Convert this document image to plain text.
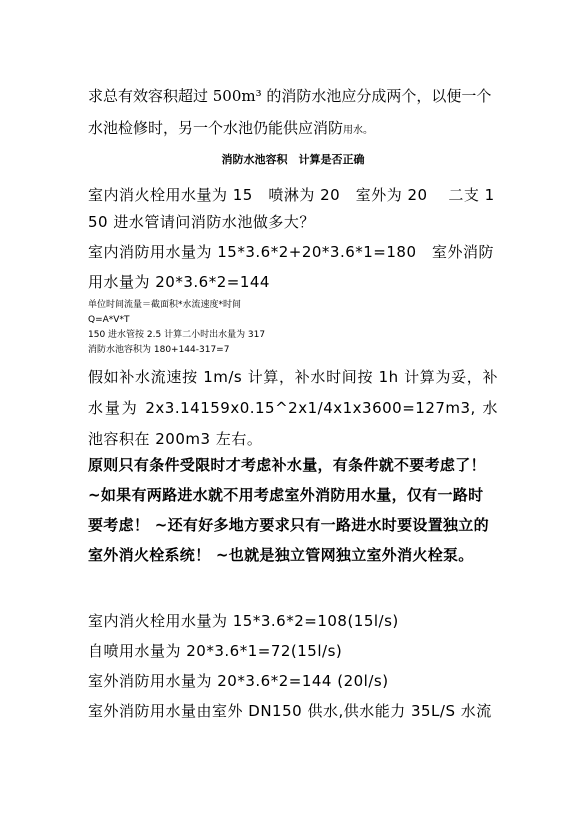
求总有效容积超过 500m³ 的消防水池应分成两个，以便一个水池检修时，另一个水池仍能供应消防用水。

消防水池容积　计算是否正确

室内消火栓用水量为 15　喷淋为 20　室外为 20　 二支 150 进水管请问消防水池做多大？

室内消防用水量为 15*3.6*2+20*3.6*1=180　室外消防用水量为 20*3.6*2=144

单位时间流量＝截面积*水流速度*时间
Q=A*V*T
150 进水管按 2.5 计算二小时出水量为 317
消防水池容积为 180+144-317=7

假如补水流速按 1m/s 计算，补水时间按 1h 计算为妥，补水量为 2x3.14159x0.15^2x1/4x1x3600=127m3, 水池容积在 200m3 左右。

原则只有条件受限时才考虑补水量，有条件就不要考虑了！ ~如果有两路进水就不用考虑室外消防用水量，仅有一路时要考虑！ ~还有好多地方要求只有一路进水时要设置独立的室外消火栓系统！ ~也就是独立管网独立室外消火栓泵。

室内消火栓用水量为 15*3.6*2=108(15l/s)
自喷用水量为 20*3.6*1=72(15l/s)
室外消防用水量为 20*3.6*2=144 (20l/s)
室外消防用水量由室外 DN150 供水,供水能力 35L/S 水流
